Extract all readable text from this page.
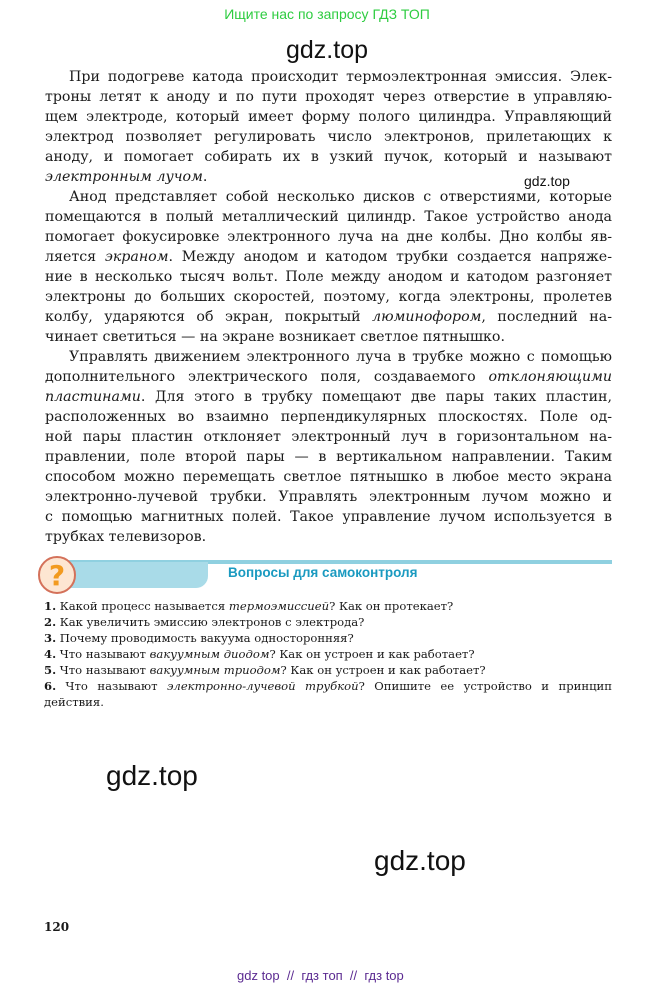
Ищите нас по запросу ГДЗ ТОП
gdz.top
gdz.top
gdz.top
gdz.top
При подогреве катода происходит термоэлектронная эмиссия. Элек-
троны летят к аноду и по пути проходят через отверстие в управляю-
щем электроде, который имеет форму полого цилиндра. Управляющий
электрод позволяет регулировать число электронов, прилетающих к
аноду, и помогает собирать их в узкий пучок, который и называют
электронным лучом.
Анод представляет собой несколько дисков с отверстиями, которые
помещаются в полый металлический цилиндр. Такое устройство анода
помогает фокусировке электронного луча на дне колбы. Дно колбы яв-
ляется экраном. Между анодом и катодом трубки создается напряже-
ние в несколько тысяч вольт. Поле между анодом и катодом разгоняет
электроны до больших скоростей, поэтому, когда электроны, пролетев
колбу, ударяются об экран, покрытый люминофором, последний на-
чинает светиться — на экране возникает светлое пятнышко.
Управлять движением электронного луча в трубке можно с помощью
дополнительного электрического поля, создаваемого отклоняющими
пластинами. Для этого в трубку помещают две пары таких пластин,
расположенных во взаимно перпендикулярных плоскостях. Поле од-
ной пары пластин отклоняет электронный луч в горизонтальном на-
правлении, поле второй пары — в вертикальном направлении. Таким
способом можно перемещать светлое пятнышко в любое место экрана
электронно-лучевой трубки. Управлять электронным лучом можно и
с помощью магнитных полей. Такое управление лучом используется в
трубках телевизоров.
?	Вопросы для самоконтроля
1. Какой процесс называется термоэмиссией? Как он протекает?
2. Как увеличить эмиссию электронов с электрода?
3. Почему проводимость вакуума односторонняя?
4. Что называют вакуумным диодом? Как он устроен и как работает?
5. Что называют вакуумным триодом? Как он устроен и как работает?
6. Что называют электронно-лучевой трубкой? Опишите ее устройство и принцип действия.
120
gdz top  //  гдз топ  //  гдз top
